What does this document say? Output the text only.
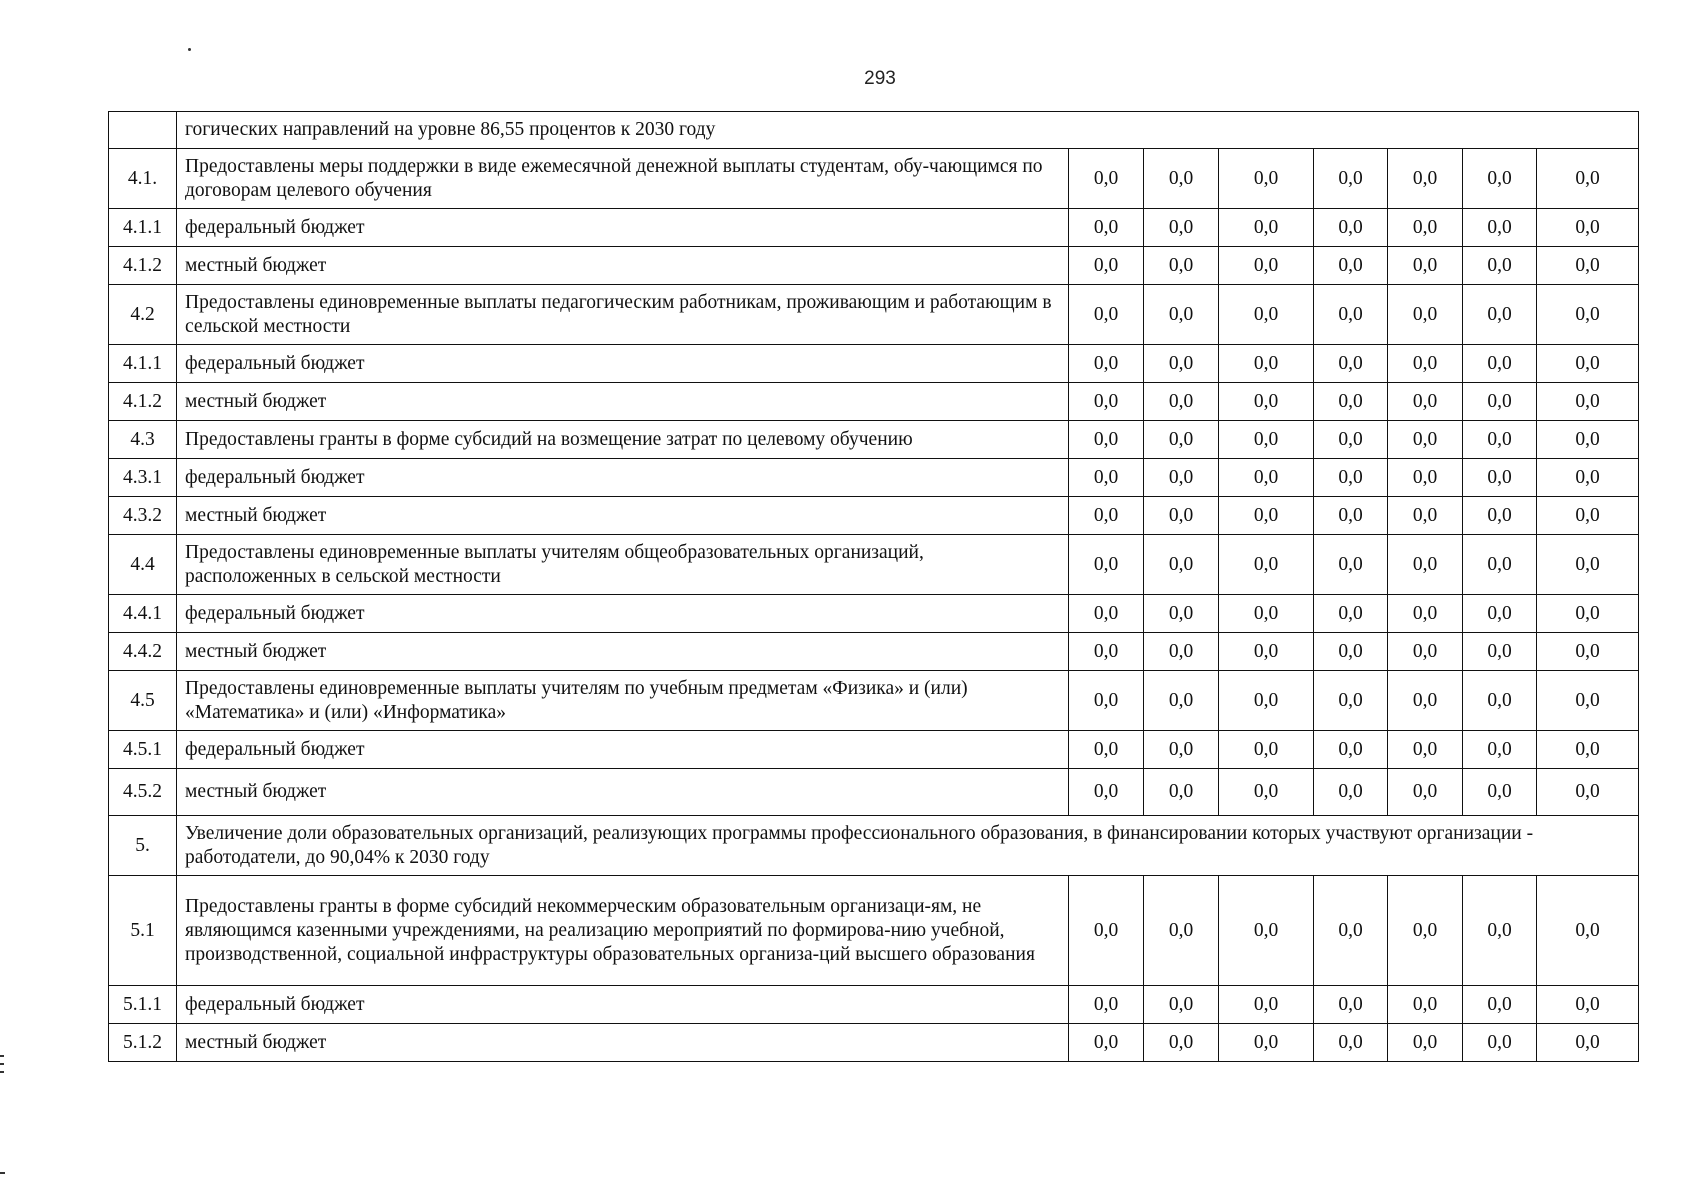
293
	гогических направлений на уровне 86,55 процентов к 2030 году							
4.1.	Предоставлены меры поддержки в виде ежемесячной денежной выплаты студентам, обу-чающимся по договорам целевого обучения	0,0	0,0	0,0	0,0	0,0	0,0	0,0
4.1.1	федеральный бюджет	0,0	0,0	0,0	0,0	0,0	0,0	0,0
4.1.2	местный бюджет	0,0	0,0	0,0	0,0	0,0	0,0	0,0
4.2	Предоставлены единовременные выплаты педагогическим работникам, проживающим и работающим в сельской местности	0,0	0,0	0,0	0,0	0,0	0,0	0,0
4.1.1	федеральный бюджет	0,0	0,0	0,0	0,0	0,0	0,0	0,0
4.1.2	местный бюджет	0,0	0,0	0,0	0,0	0,0	0,0	0,0
4.3	Предоставлены гранты в форме субсидий на возмещение затрат по целевому обучению	0,0	0,0	0,0	0,0	0,0	0,0	0,0
4.3.1	федеральный бюджет	0,0	0,0	0,0	0,0	0,0	0,0	0,0
4.3.2	местный бюджет	0,0	0,0	0,0	0,0	0,0	0,0	0,0
4.4	Предоставлены единовременные выплаты учителям общеобразовательных организаций, расположенных в сельской местности	0,0	0,0	0,0	0,0	0,0	0,0	0,0
4.4.1	федеральный бюджет	0,0	0,0	0,0	0,0	0,0	0,0	0,0
4.4.2	местный бюджет	0,0	0,0	0,0	0,0	0,0	0,0	0,0
4.5	Предоставлены единовременные выплаты учителям по учебным предметам «Физика» и (или) «Математика» и (или) «Информатика»	0,0	0,0	0,0	0,0	0,0	0,0	0,0
4.5.1	федеральный бюджет	0,0	0,0	0,0	0,0	0,0	0,0	0,0
4.5.2	местный бюджет	0,0	0,0	0,0	0,0	0,0	0,0	0,0
5.	Увеличение доли образовательных организаций, реализующих программы профессионального образования, в финансировании которых участвуют организации - работодатели, до 90,04% к 2030 году							
5.1	Предоставлены гранты в форме субсидий некоммерческим образовательным организаци-ям, не являющимся казенными учреждениями, на реализацию мероприятий по формирова-нию учебной, производственной, социальной инфраструктуры образовательных организа-ций высшего образования	0,0	0,0	0,0	0,0	0,0	0,0	0,0
5.1.1	федеральный бюджет	0,0	0,0	0,0	0,0	0,0	0,0	0,0
5.1.2	местный бюджет	0,0	0,0	0,0	0,0	0,0	0,0	0,0
